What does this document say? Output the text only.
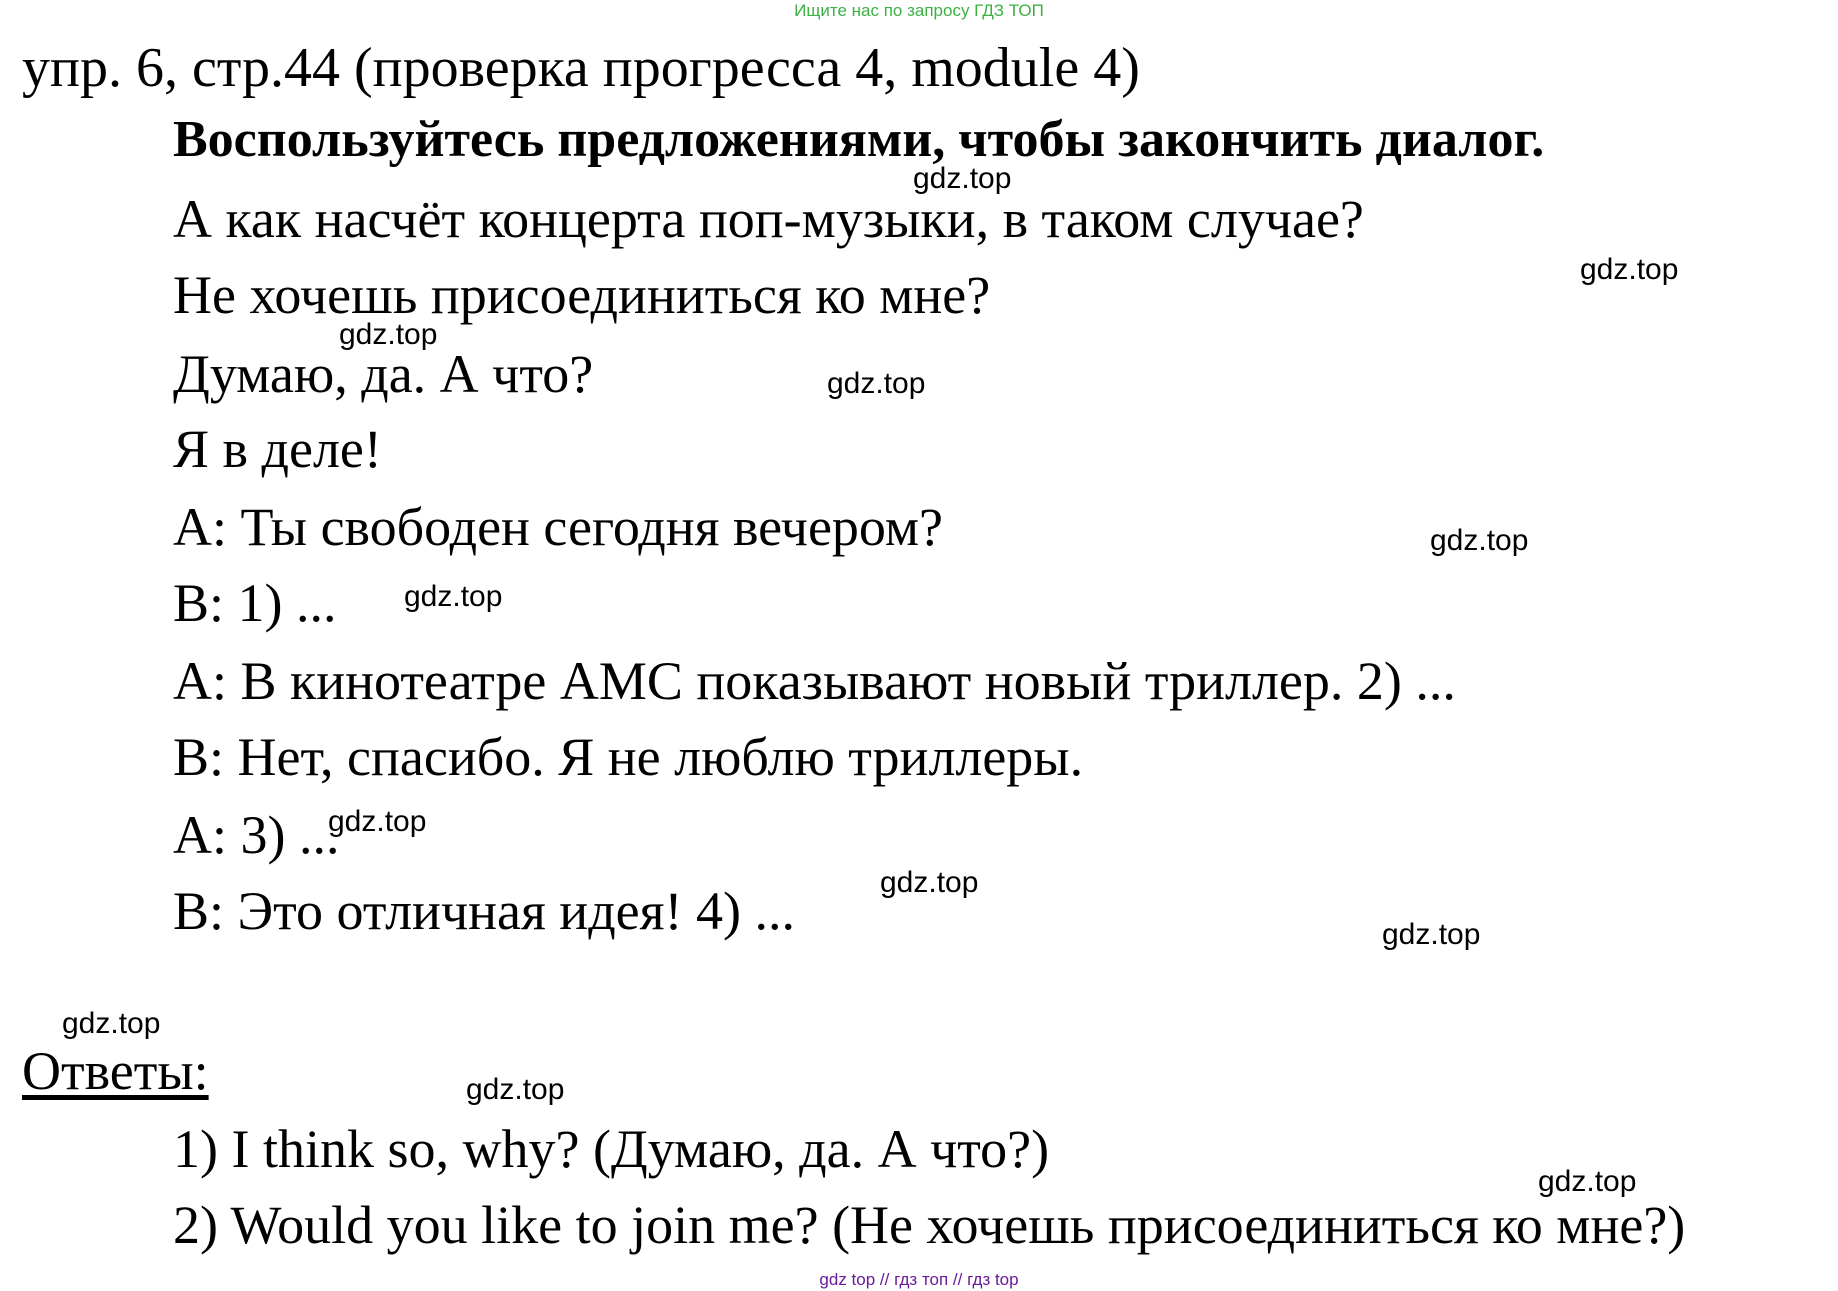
Ищите нас по запросу ГДЗ ТОП
упр. 6, стр.44 (проверка прогресса 4, module 4)
Воспользуйтесь предложениями, чтобы закончить диалог.
А как насчёт концерта поп-музыки, в таком случае?
Не хочешь присоединиться ко мне?
Думаю, да. А что?
Я в деле!
А: Ты свободен сегодня вечером?
В: 1) ...
А: В кинотеатре АМС показывают новый триллер. 2) ...
В: Нет, спасибо. Я не люблю триллеры.
А: 3) ...
В: Это отличная идея! 4) ...
Ответы:
1) I think so, why? (Думаю, да. А что?)
2) Would you like to join me? (Не хочешь присоединиться ко мне?)
gdz.top
gdz.top
gdz.top
gdz.top
gdz.top
gdz.top
gdz.top
gdz.top
gdz.top
gdz.top
gdz.top
gdz.top
gdz top // гдз топ // гдз top
